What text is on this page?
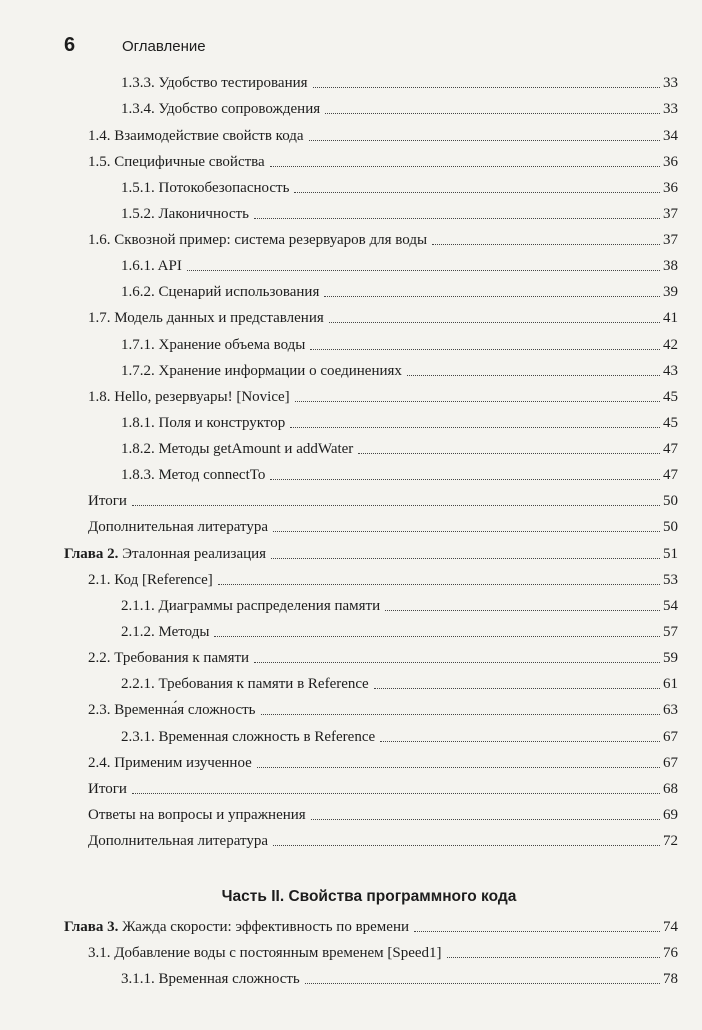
6	Оглавление
1.3.3. Удобство тестирования	33
1.3.4. Удобство сопровождения	33
1.4. Взаимодействие свойств кода	34
1.5. Специфичные свойства	36
1.5.1. Потокобезопасность	36
1.5.2. Лаконичность	37
1.6. Сквозной пример: система резервуаров для воды	37
1.6.1. API	38
1.6.2. Сценарий использования	39
1.7. Модель данных и представления	41
1.7.1. Хранение объема воды	42
1.7.2. Хранение информации о соединениях	43
1.8. Hello, резервуары! [Novice]	45
1.8.1. Поля и конструктор	45
1.8.2. Методы getAmount и addWater	47
1.8.3. Метод connectTo	47
Итоги	50
Дополнительная литература	50
Глава 2. Эталонная реализация	51
2.1. Код [Reference]	53
2.1.1. Диаграммы распределения памяти	54
2.1.2. Методы	57
2.2. Требования к памяти	59
2.2.1. Требования к памяти в Reference	61
2.3. Временна́я сложность	63
2.3.1. Временная сложность в Reference	67
2.4. Применим изученное	67
Итоги	68
Ответы на вопросы и упражнения	69
Дополнительная литература	72
Глава 3. Жажда скорости: эффективность по времени	74
3.1. Добавление воды с постоянным временем [Speed1]	76
3.1.1. Временная сложность	78
Часть II. Свойства программного кода
